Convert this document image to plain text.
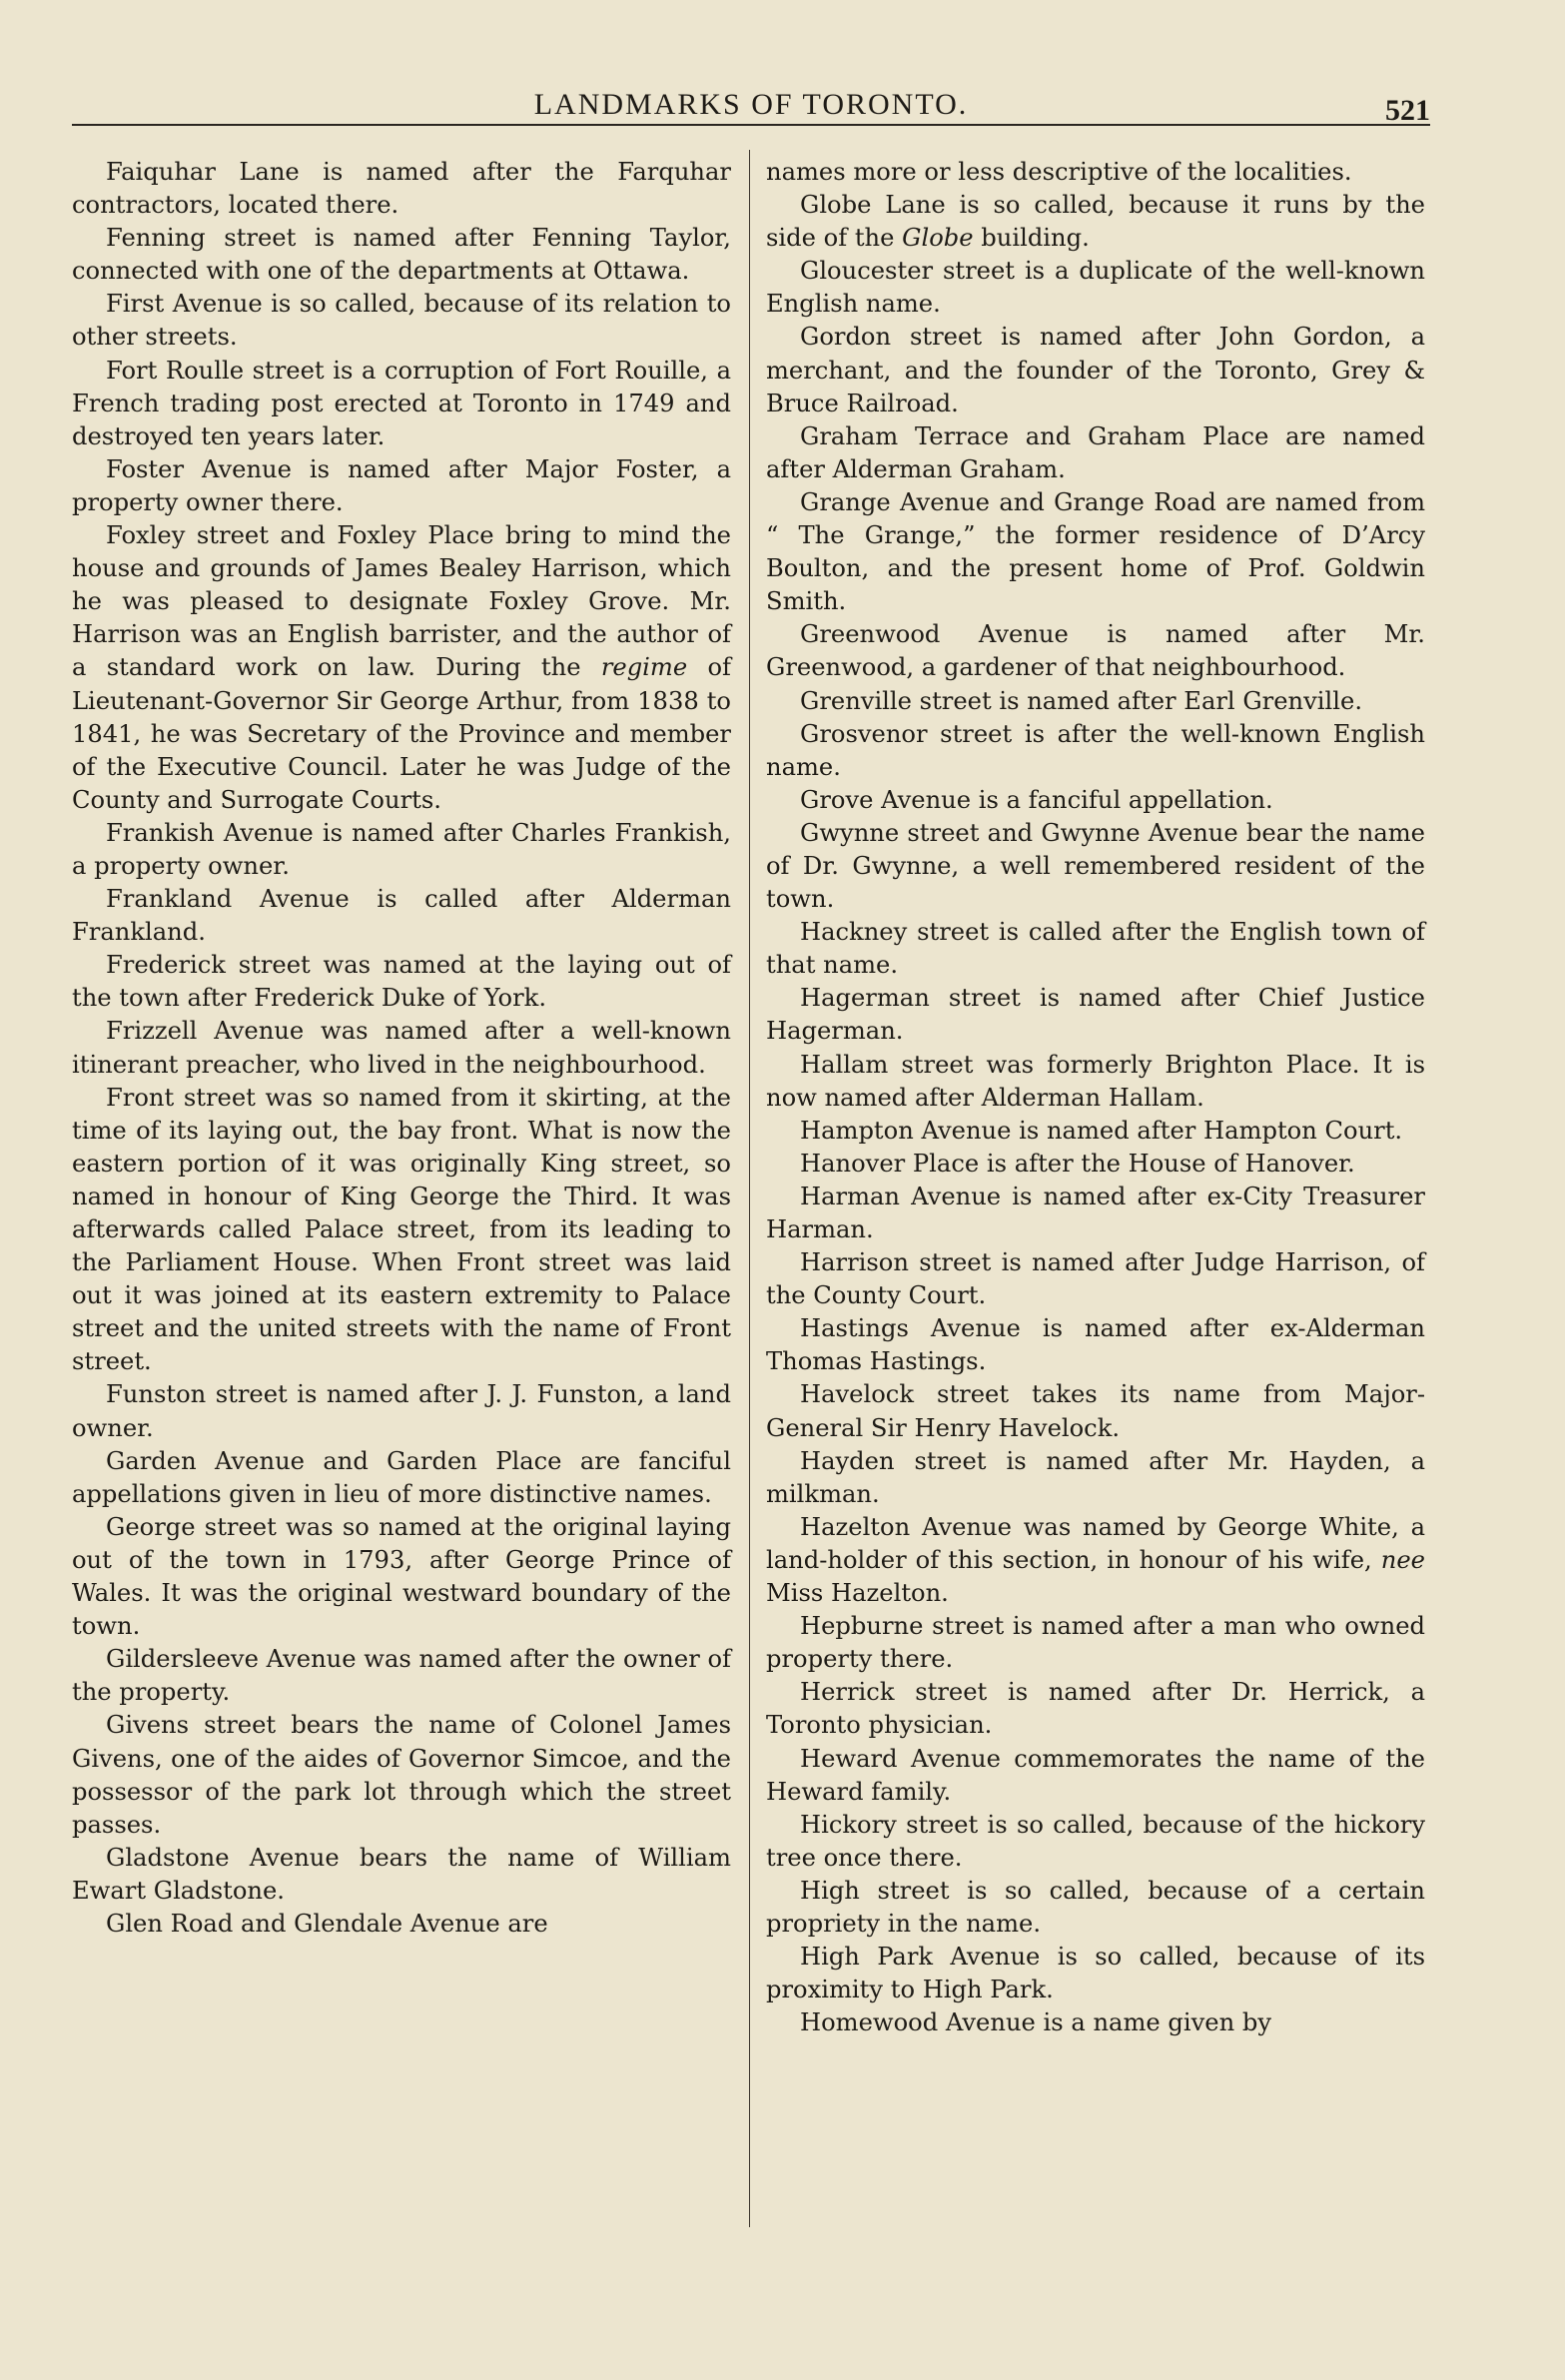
LANDMARKS OF TORONTO.	521

Faiquhar Lane is named after the Farquhar contractors, located there.

Fenning street is named after Fenning Taylor, connected with one of the departments at Ottawa.

First Avenue is so called, because of its relation to other streets.

Fort Roulle street is a corruption of Fort Rouille, a French trading post erected at Toronto in 1749 and destroyed ten years later.

Foster Avenue is named after Major Foster, a property owner there.

Foxley street and Foxley Place bring to mind the house and grounds of James Bealey Harrison, which he was pleased to designate Foxley Grove. Mr. Harrison was an English barrister, and the author of a standard work on law. During the regime of Lieutenant-Governor Sir George Arthur, from 1838 to 1841, he was Secretary of the Province and member of the Executive Council. Later he was Judge of the County and Surrogate Courts.

Frankish Avenue is named after Charles Frankish, a property owner.

Frankland Avenue is called after Alderman Frankland.

Frederick street was named at the laying out of the town after Frederick Duke of York.

Frizzell Avenue was named after a well-known itinerant preacher, who lived in the neighbourhood.

Front street was so named from it skirting, at the time of its laying out, the bay front. What is now the eastern portion of it was originally King street, so named in honour of King George the Third. It was afterwards called Palace street, from its leading to the Parliament House. When Front street was laid out it was joined at its eastern extremity to Palace street and the united streets with the name of Front street.

Funston street is named after J. J. Funston, a land owner.

Garden Avenue and Garden Place are fanciful appellations given in lieu of more distinctive names.

George street was so named at the original laying out of the town in 1793, after George Prince of Wales. It was the original westward boundary of the town.

Gildersleeve Avenue was named after the owner of the property.

Givens street bears the name of Colonel James Givens, one of the aides of Governor Simcoe, and the possessor of the park lot through which the street passes.

Gladstone Avenue bears the name of William Ewart Gladstone.

Glen Road and Glendale Avenue are

names more or less descriptive of the localities.

Globe Lane is so called, because it runs by the side of the Globe building.

Gloucester street is a duplicate of the well-known English name.

Gordon street is named after John Gordon, a merchant, and the founder of the Toronto, Grey & Bruce Railroad.

Graham Terrace and Graham Place are named after Alderman Graham.

Grange Avenue and Grange Road are named from “ The Grange,” the former residence of D’Arcy Boulton, and the present home of Prof. Goldwin Smith.

Greenwood Avenue is named after Mr. Greenwood, a gardener of that neighbourhood.

Grenville street is named after Earl Grenville.

Grosvenor street is after the well-known English name.

Grove Avenue is a fanciful appellation.

Gwynne street and Gwynne Avenue bear the name of Dr. Gwynne, a well remembered resident of the town.

Hackney street is called after the English town of that name.

Hagerman street is named after Chief Justice Hagerman.

Hallam street was formerly Brighton Place. It is now named after Alderman Hallam.

Hampton Avenue is named after Hampton Court.

Hanover Place is after the House of Hanover.

Harman Avenue is named after ex-City Treasurer Harman.

Harrison street is named after Judge Harrison, of the County Court.

Hastings Avenue is named after ex-Alderman Thomas Hastings.

Havelock street takes its name from Major-General Sir Henry Havelock.

Hayden street is named after Mr. Hayden, a milkman.

Hazelton Avenue was named by George White, a land-holder of this section, in honour of his wife, nee Miss Hazelton.

Hepburne street is named after a man who owned property there.

Herrick street is named after Dr. Herrick, a Toronto physician.

Heward Avenue commemorates the name of the Heward family.

Hickory street is so called, because of the hickory tree once there.

High street is so called, because of a certain propriety in the name.

High Park Avenue is so called, because of its proximity to High Park.

Homewood Avenue is a name given by
